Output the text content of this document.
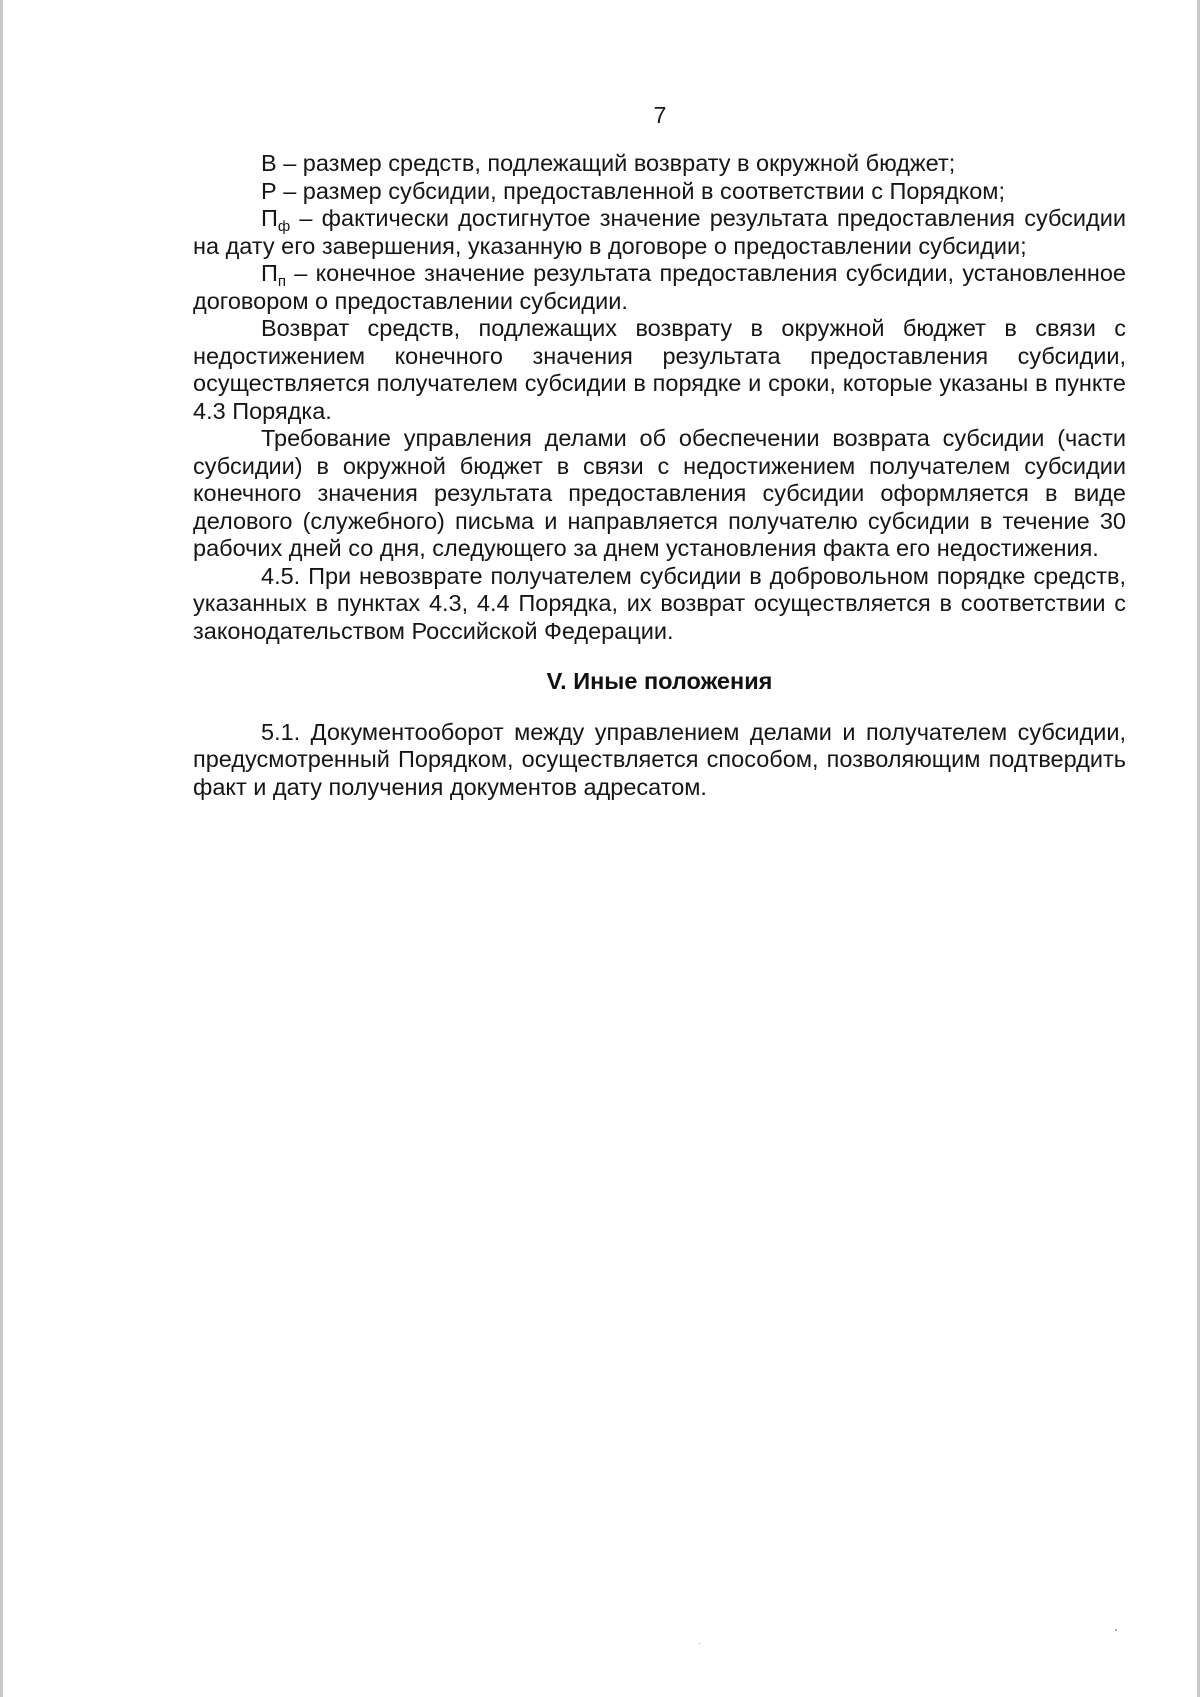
7

В – размер средств, подлежащий возврату в окружной бюджет;

Р – размер субсидии, предоставленной в соответствии с Порядком;

$П_ф$ – фактически достигнутое значение результата предоставления субсидии на дату его завершения, указанную в договоре о предоставлении субсидии;

$П_п$ – конечное значение результата предоставления субсидии, установленное договором о предоставлении субсидии.

Возврат средств, подлежащих возврату в окружной бюджет в связи с недостижением конечного значения результата предоставления субсидии, осуществляется получателем субсидии в порядке и сроки, которые указаны в пункте 4.3 Порядка.

Требование управления делами об обеспечении возврата субсидии (части субсидии) в окружной бюджет в связи с недостижением получателем субсидии конечного значения результата предоставления субсидии оформляется в виде делового (служебного) письма и направляется получателю субсидии в течение 30 рабочих дней со дня, следующего за днем установления факта его недостижения.

4.5. При невозврате получателем субсидии в добровольном порядке средств, указанных в пунктах 4.3, 4.4 Порядка, их возврат осуществляется в соответствии с законодательством Российской Федерации.

V. Иные положения

5.1. Документооборот между управлением делами и получателем субсидии, предусмотренный Порядком, осуществляется способом, позволяющим подтвердить факт и дату получения документов адресатом.
